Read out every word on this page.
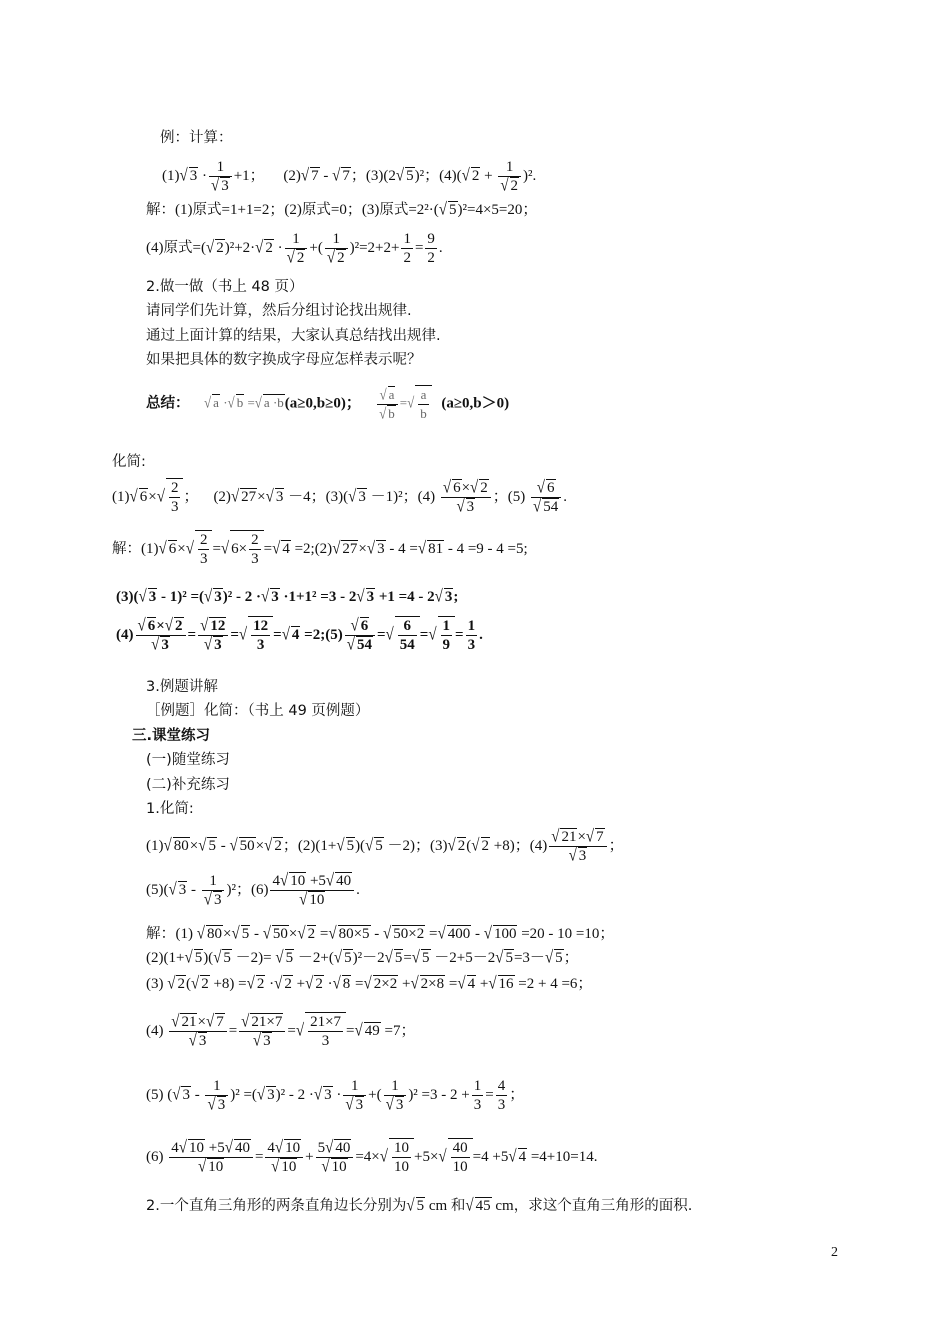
例：计算：
(1)√ $3 \cdot \frac{1}{√ 3} +1$；     (2)√ 7 - √ 7；(3)(2√ 5)²；(4)(√ $2 + \frac{1}{√ 2} )^2$.
解：(1)原式=1+1=2；(2)原式=0；(3)原式=2²·(√ 5)²=4×5=20；
(4)原式=(√ 2)²+2·√ $2 \cdot \frac{1}{√ 2}$ +( $\frac{1}{√ 2} )^2=2+2+ \frac{1}{2} = \frac{9}{2}$ .
2.做一做（书上 48 页）
请同学们先计算，然后分组讨论找出规律.
通过上面计算的结果，大家认真总结找出规律.
如果把具体的数字换成字母应怎样表示呢？
总结： √ a ·√ b =√ a ·b(a≥0,b≥0)； $\frac{√ a}{√ b}$ =√ $\frac{a}{b} (a\ge 0,b>0)$
化简:
(1)√ $6\times√ \frac{2}{3}$ ；    (2)√ 27×√ 3 －4；(3)(√ 3 －1)²；$(4) \frac{√ 6\times√ 2}{√ 3}$ ；$(5) \frac{√ 6}{√ 54}$ .
解：(1)√ $6\times√ \frac{2}{3}$ =√ $6\times \frac{2}{3}$ =√ 4 =2;(2)√ 27×√ 3 - 4 =√ 81 - 4 =9 - 4 =5;
(3)(√ 3 - 1)² =(√ 3)² - 2 ·√ 3 ·1+1² =3 - 2√ 3 +1 =4 - 2√ 3;
$(4) \frac{√ 6\times√ 2}{√ 3} = \frac{√ 12}{√ 3}$ =√ $\frac{12}{3}$ =√ 4 =2;(5) $\frac{√ 6}{√ 54}$ =√ $\frac{6}{54}$ =√ $\frac{1}{9} = \frac{1}{3}$ .
3.例题讲解
［例题］化简：（书上 49 页例题）
三.课堂练习
(一)随堂练习
(二)补充练习
1.化简:
(1)√ 80×√ 5 - √ 50×√ 2；(2)(1+√ 5)(√ 5 －2)；(3)√ 2(√ 2 +8)；$(4) \frac{√ 21\times√ 7}{√ 3}$ ；
(5)(√ $3 - \frac{1}{√ 3} )^2$；$(6) \frac{4√ 10 +5√ 40}{√ 10}$ .
解：(1) √ 80×√ 5 - √ 50×√ 2 =√ 80×5 - √ 50×2 =√ 400 - √ 100 =20 - 10 =10；
(2)(1+√ 5)(√ 5 －2)= √ 5 －2+(√ 5)²－2√ 5=√ 5 －2+5－2√ 5=3－√ 5；
(3) √ 2(√ 2 +8) =√ 2 ·√ 2 +√ 2 ·√ 8 =√ 2×2 +√ 2×8 =√ 4 +√ 16 =2 + 4 =6；
$(4) \frac{√ 21\times√ 7}{√ 3} = \frac{√ 21\times 7}{√ 3}$ =√ $\frac{21\times 7}{3}$ =√ 49 =7；
(5) (√ $3 - \frac{1}{√ 3} )^2$ =(√ 3)² - 2 ·√ $3 \cdot \frac{1}{√ 3}$ +( $\frac{1}{√ 3} )^2 =3 - 2 + \frac{1}{3} = \frac{4}{3}$ ；
$(6) \frac{4√ 10 +5√ 40}{√ 10} = \frac{4√ 10}{√ 10} + \frac{5√ 40}{√ 10} =4\times√ \frac{10}{10} +5\times√ \frac{40}{10} =4 +5√$ 4 =4+10=14.
2.一个直角三角形的两条直角边长分别为√ 5 cm 和√ 45 cm，求这个直角三角形的面积.
2
